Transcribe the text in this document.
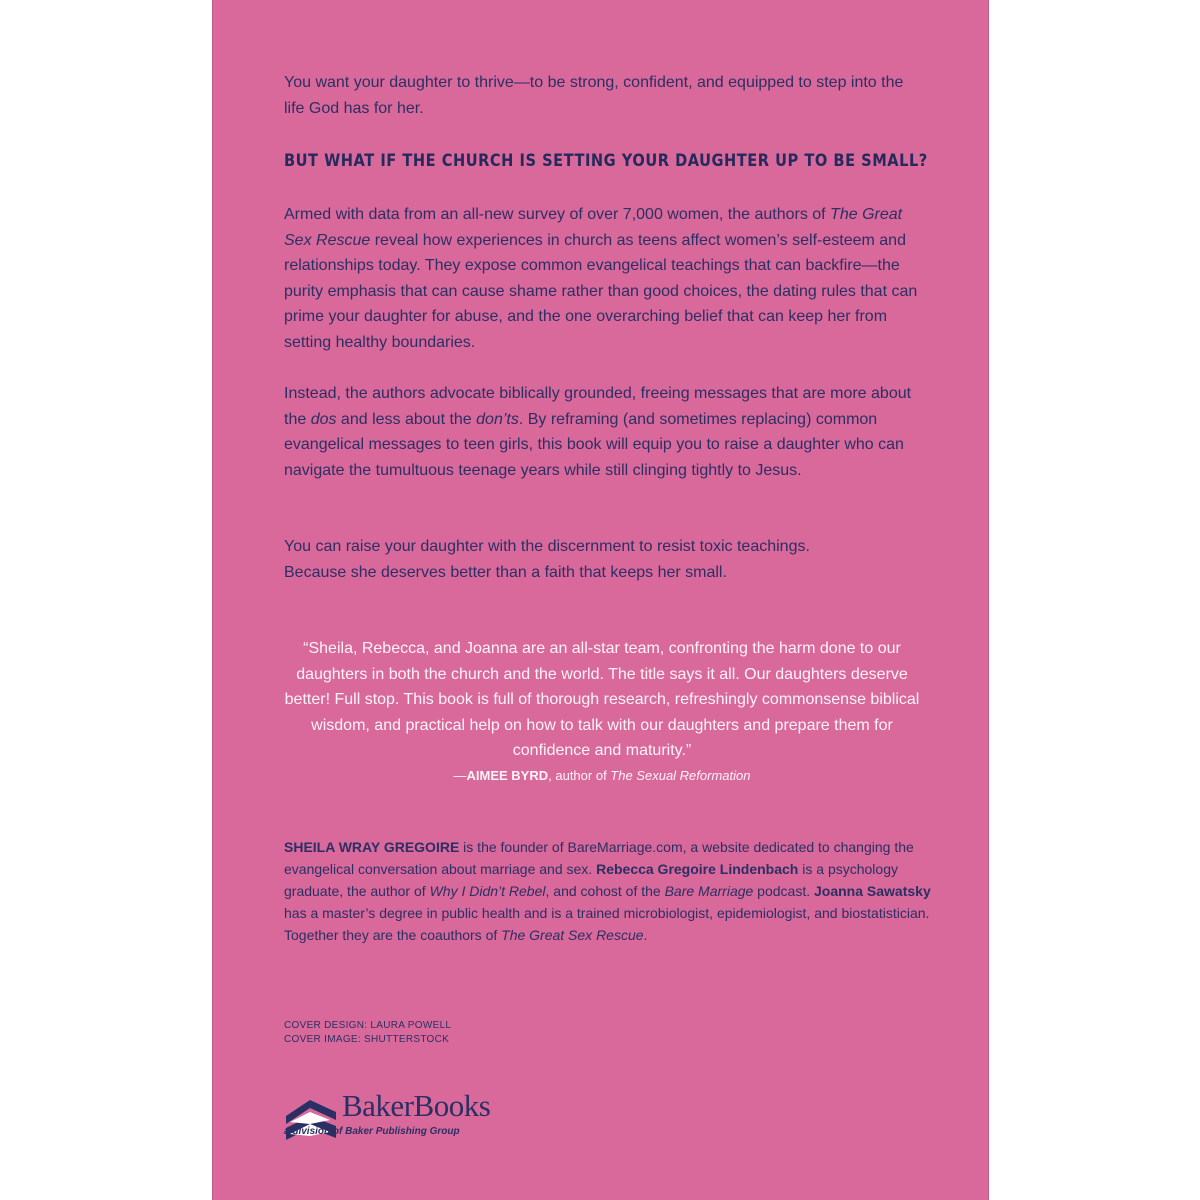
You want your daughter to thrive—to be strong, confident, and equipped to step into the life God has for her.
BUT WHAT IF THE CHURCH IS SETTING YOUR DAUGHTER UP TO BE SMALL?
Armed with data from an all-new survey of over 7,000 women, the authors of The Great Sex Rescue reveal how experiences in church as teens affect women’s self-esteem and relationships today. They expose common evangelical teachings that can backfire—the purity emphasis that can cause shame rather than good choices, the dating rules that can prime your daughter for abuse, and the one overarching belief that can keep her from setting healthy boundaries.
Instead, the authors advocate biblically grounded, freeing messages that are more about the dos and less about the don’ts. By reframing (and sometimes replacing) common evangelical messages to teen girls, this book will equip you to raise a daughter who can navigate the tumultuous teenage years while still clinging tightly to Jesus.
You can raise your daughter with the discernment to resist toxic teachings.
Because she deserves better than a faith that keeps her small.
“Sheila, Rebecca, and Joanna are an all-star team, confronting the harm done to our daughters in both the church and the world. The title says it all. Our daughters deserve better! Full stop. This book is full of thorough research, refreshingly commonsense biblical wisdom, and practical help on how to talk with our daughters and prepare them for confidence and maturity.”
—AIMEE BYRD, author of The Sexual Reformation
SHEILA WRAY GREGOIRE is the founder of BareMarriage.com, a website dedicated to changing the evangelical conversation about marriage and sex. Rebecca Gregoire Lindenbach is a psychology graduate, the author of Why I Didn’t Rebel, and cohost of the Bare Marriage podcast. Joanna Sawatsky has a master’s degree in public health and is a trained microbiologist, epidemiologist, and biostatistician. Together they are the coauthors of The Great Sex Rescue.
COVER DESIGN: LAURA POWELL
COVER IMAGE: SHUTTERSTOCK
BakerBooks
a division of Baker Publishing Group
